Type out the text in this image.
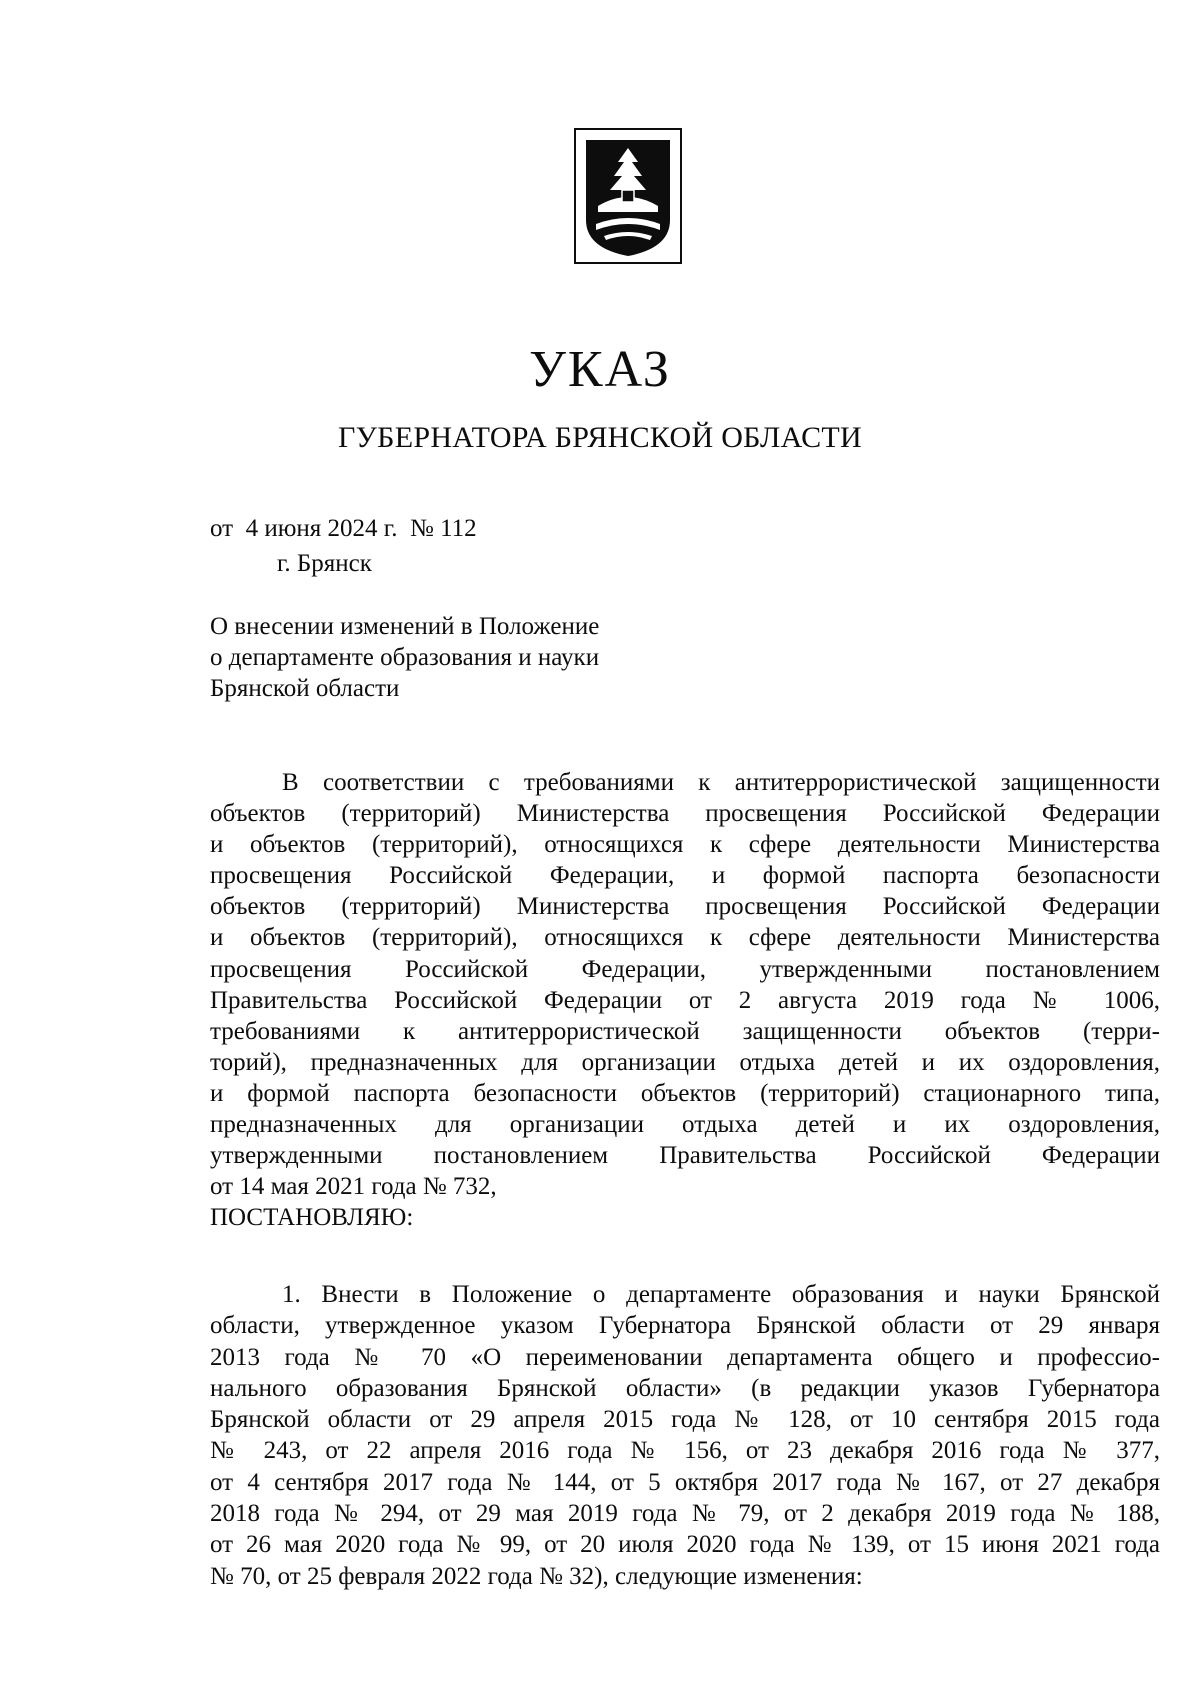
УКАЗ
ГУБЕРНАТОРА БРЯНСКОЙ ОБЛАСТИ
от  4 июня 2024 г.  № 112
г. Брянск
О внесении изменений в Положение
о департаменте образования и науки
Брянской области
В соответствии с требованиями к антитеррористической защищенности
объектов (территорий) Министерства просвещения Российской Федерации
и объектов (территорий), относящихся к сфере деятельности Министерства
просвещения Российской Федерации, и формой паспорта безопасности
объектов (территорий) Министерства просвещения Российской Федерации
и объектов (территорий), относящихся к сфере деятельности Министерства
просвещения Российской Федерации, утвержденными постановлением
Правительства Российской Федерации от 2 августа 2019 года № 1006,
требованиями к антитеррористической защищенности объектов (терри-
торий), предназначенных для организации отдыха детей и их оздоровления,
и формой паспорта безопасности объектов (территорий) стационарного типа,
предназначенных для организации отдыха детей и их оздоровления,
утвержденными постановлением Правительства Российской Федерации
от 14 мая 2021 года № 732,
ПОСТАНОВЛЯЮ:
1. Внести в Положение о департаменте образования и науки Брянской
области, утвержденное указом Губернатора Брянской области от 29 января
2013 года № 70 «О переименовании департамента общего и профессио-
нального образования Брянской области» (в редакции указов Губернатора
Брянской области от 29 апреля 2015 года № 128, от 10 сентября 2015 года
№ 243, от 22 апреля 2016 года № 156, от 23 декабря 2016 года № 377,
от 4 сентября 2017 года № 144, от 5 октября 2017 года № 167, от 27 декабря
2018 года № 294, от 29 мая 2019 года № 79, от 2 декабря 2019 года № 188,
от 26 мая 2020 года № 99, от 20 июля 2020 года № 139, от 15 июня 2021 года
№ 70, от 25 февраля 2022 года № 32), следующие изменения:
